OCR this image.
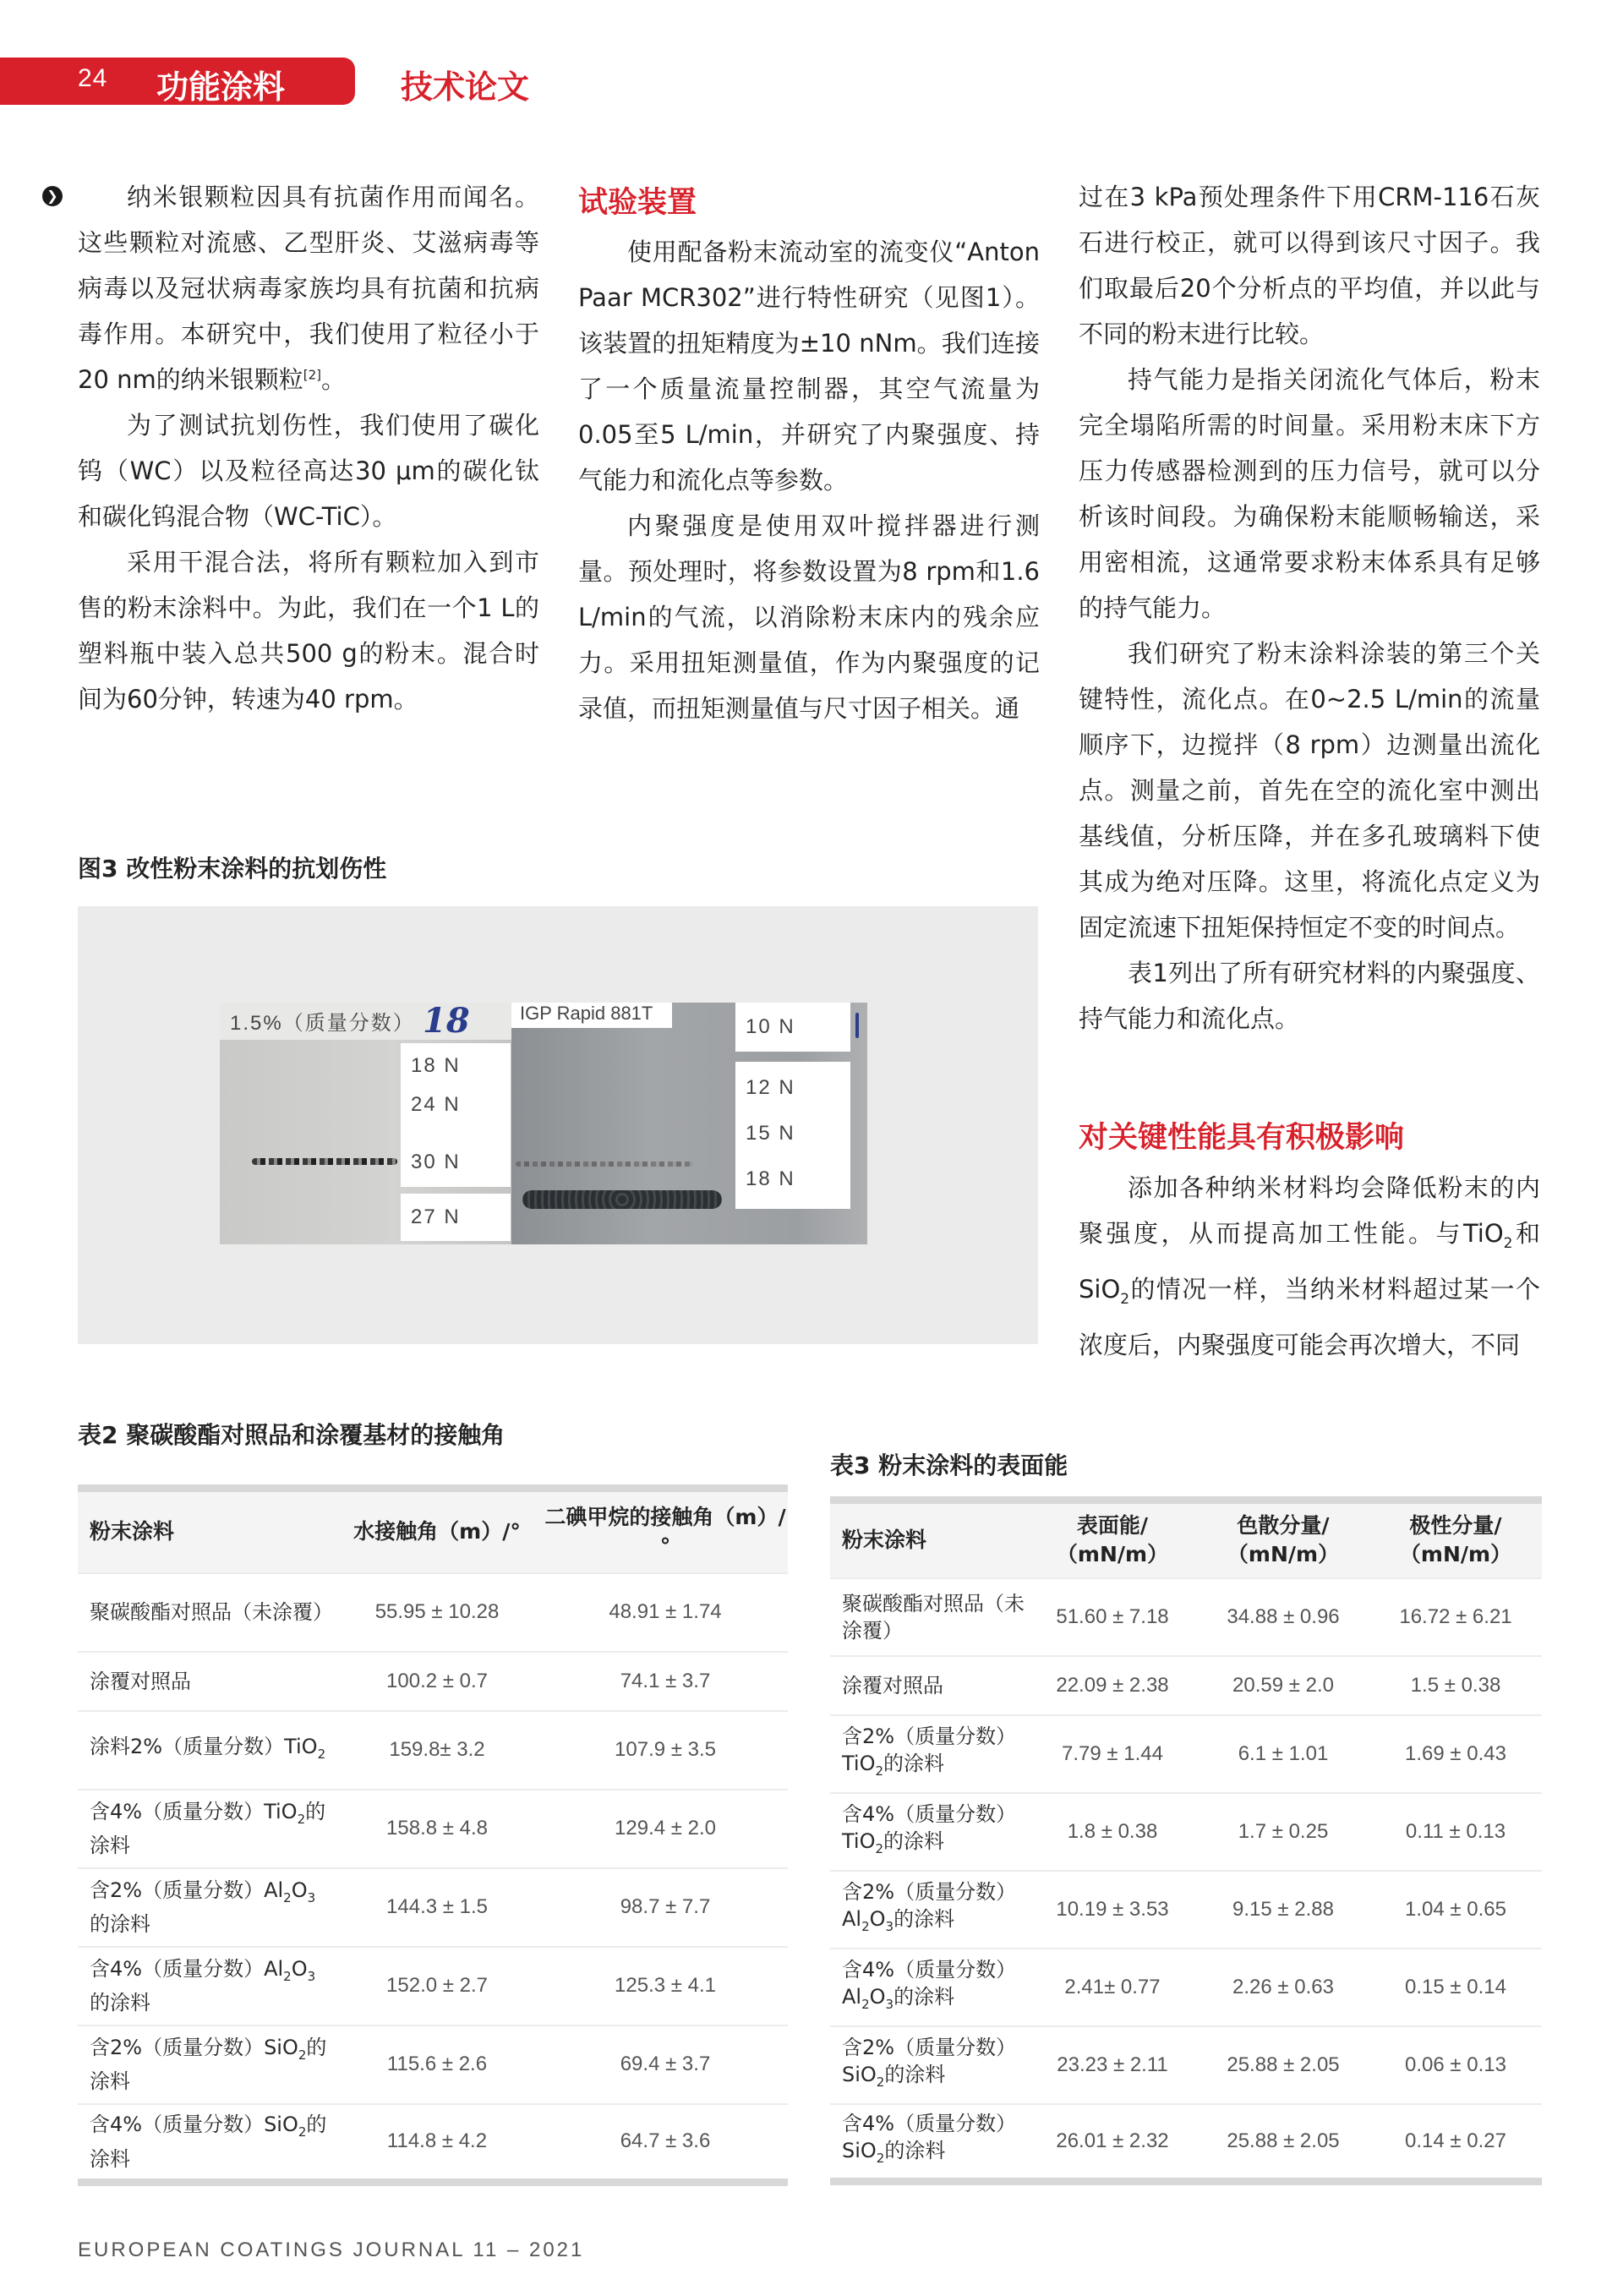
24 功能涂料	技术论文
❯	纳米银颗粒因具有抗菌作用而闻名。这些颗粒对流感、乙型肝炎、艾滋病毒等病毒以及冠状病毒家族均具有抗菌和抗病毒作用。本研究中，我们使用了粒径小于20 nm的纳米银颗粒[2]。

为了测试抗划伤性，我们使用了碳化钨（WC）以及粒径高达30 μm的碳化钛和碳化钨混合物（WC-TiC）。

采用干混合法，将所有颗粒加入到市售的粉末涂料中。为此，我们在一个1 L的塑料瓶中装入总共500 g的粉末。混合时间为60分钟，转速为40 rpm。

试验装置

使用配备粉末流动室的流变仪“Anton Paar MCR302”进行特性研究（见图1）。该装置的扭矩精度为±10 nNm。我们连接了一个质量流量控制器，其空气流量为0.05至5 L/min，并研究了内聚强度、持气能力和流化点等参数。

内聚强度是使用双叶搅拌器进行测量。预处理时，将参数设置为8 rpm和1.6 L/min的气流，以消除粉末床内的残余应力。采用扭矩测量值，作为内聚强度的记录值，而扭矩测量值与尺寸因子相关。通

过在3 kPa预处理条件下用CRM-116石灰石进行校正，就可以得到该尺寸因子。我们取最后20个分析点的平均值，并以此与不同的粉末进行比较。

持气能力是指关闭流化气体后，粉末完全塌陷所需的时间量。采用粉末床下方压力传感器检测到的压力信号，就可以分析该时间段。为确保粉末能顺畅输送，采用密相流，这通常要求粉末体系具有足够的持气能力。

我们研究了粉末涂料涂装的第三个关键特性，流化点。在0~2.5 L/min的流量顺序下，边搅拌（8 rpm）边测量出流化点。测量之前，首先在空的流化室中测出基线值，分析压降，并在多孔玻璃料下使其成为绝对压降。这里，将流化点定义为固定流速下扭矩保持恒定不变的时间点。

表1列出了所有研究材料的内聚强度、持气能力和流化点。

对关键性能具有积极影响

添加各种纳米材料均会降低粉末的内聚强度，从而提高加工性能。与TiO$_2$和SiO$_2$的情况一样，当纳米材料超过某一个浓度后，内聚强度可能会再次增大，不同

图3 改性粉末涂料的抗划伤性
1.5%（质量分数） 18	IGP Rapid 881T
18 N
24 N
30 N
27 N
10 N
12 N
15 N
18 N
表2 聚碳酸酯对照品和涂覆基材的接触角
粉末涂料	水接触角（m）/°	二碘甲烷的接触角（m）/°
聚碳酸酯对照品（未涂覆）	55.95 ± 10.28	48.91 ± 1.74
涂覆对照品	100.2 ± 0.7	74.1 ± 3.7
涂料2%（质量分数）TiO$_2$	159.8± 3.2	107.9 ± 3.5
含4%（质量分数）TiO$_2$的涂料	158.8 ± 4.8	129.4 ± 2.0
含2%（质量分数）$Al_2O_3$的涂料	144.3 ± 1.5	98.7 ± 7.7
含4%（质量分数）$Al_2O_3$的涂料	152.0 ± 2.7	125.3 ± 4.1
含2%（质量分数）SiO$_2$的涂料	115.6 ± 2.6	69.4 ± 3.7
含4%（质量分数）SiO$_2$的涂料	114.8 ± 4.2	64.7 ± 3.6
表3 粉末涂料的表面能
粉末涂料	表面能/（mN/m）	色散分量/（mN/m）	极性分量/（mN/m）
聚碳酸酯对照品（未涂覆）	51.60 ± 7.18	34.88 ± 0.96	16.72 ± 6.21
涂覆对照品	22.09 ± 2.38	20.59 ± 2.0	1.5 ± 0.38
含2%（质量分数）TiO$_2$的涂料	7.79 ± 1.44	6.1 ± 1.01	1.69 ± 0.43
含4%（质量分数）TiO$_2$的涂料	1.8 ± 0.38	1.7 ± 0.25	0.11 ± 0.13
含2%（质量分数）$Al_2O_3$的涂料	10.19 ± 3.53	9.15 ± 2.88	1.04 ± 0.65
含4%（质量分数）$Al_2O_3$的涂料	2.41± 0.77	2.26 ± 0.63	0.15 ± 0.14
含2%（质量分数）SiO$_2$的涂料	23.23 ± 2.11	25.88 ± 2.05	0.06 ± 0.13
含4%（质量分数）SiO$_2$的涂料	26.01 ± 2.32	25.88 ± 2.05	0.14 ± 0.27
EUROPEAN COATINGS JOURNAL 11 – 2021
